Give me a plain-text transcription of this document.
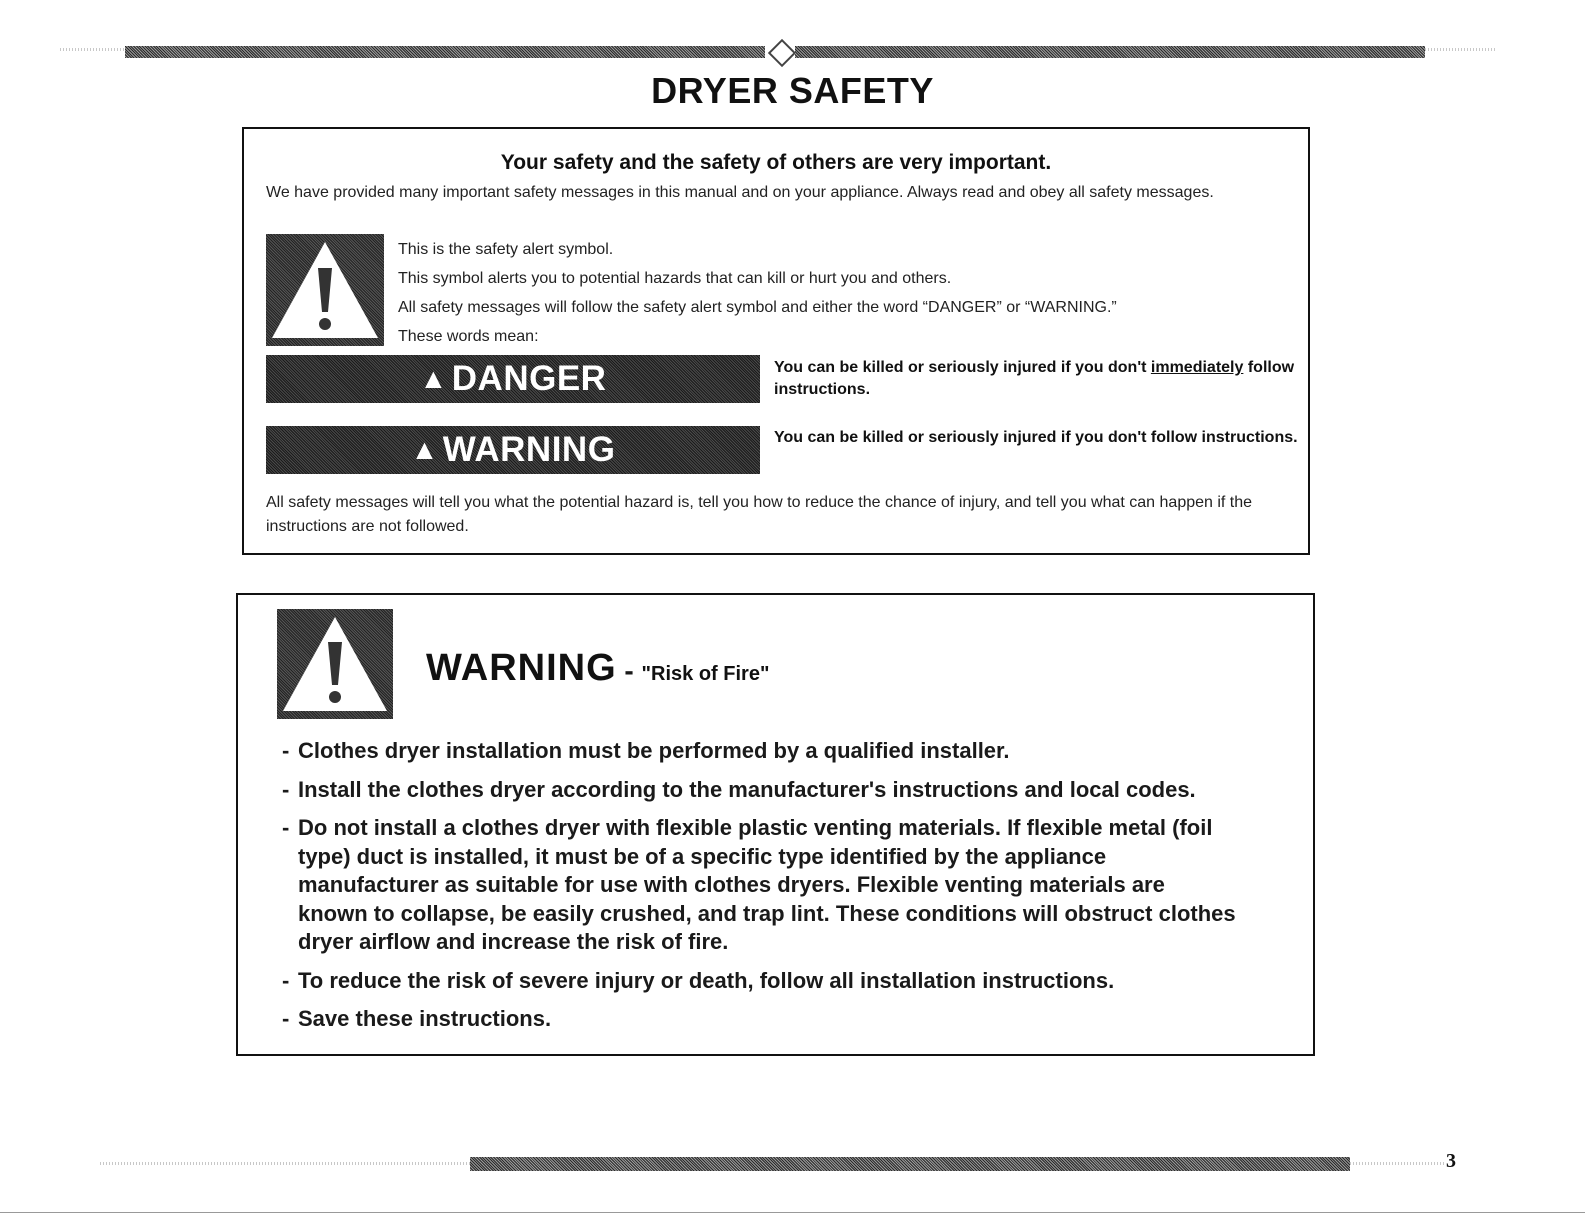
DRYER SAFETY

Your safety and the safety of others are very important.

We have provided many important safety messages in this manual and on your appliance. Always read and obey all safety messages.

This is the safety alert symbol.
This symbol alerts you to potential hazards that can kill or hurt you and others.
All safety messages will follow the safety alert symbol and either the word “DANGER” or “WARNING.”
These words mean:
▲ DANGER	You can be killed or seriously injured if you don't immediately follow instructions.
▲ WARNING	You can be killed or seriously injured if you don't follow instructions.

All safety messages will tell you what the potential hazard is, tell you how to reduce the chance of injury, and tell you what can happen if the instructions are not followed.

WARNING - "Risk of Fire"
- Clothes dryer installation must be performed by a qualified installer.
- Install the clothes dryer according to the manufacturer's instructions and local codes.
- Do not install a clothes dryer with flexible plastic venting materials. If flexible metal (foil type) duct is installed, it must be of a specific type identified by the appliance manufacturer as suitable for use with clothes dryers. Flexible venting materials are known to collapse, be easily crushed, and trap lint. These conditions will obstruct clothes dryer airflow and increase the risk of fire.
- To reduce the risk of severe injury or death, follow all installation instructions.
- Save these instructions.
3
